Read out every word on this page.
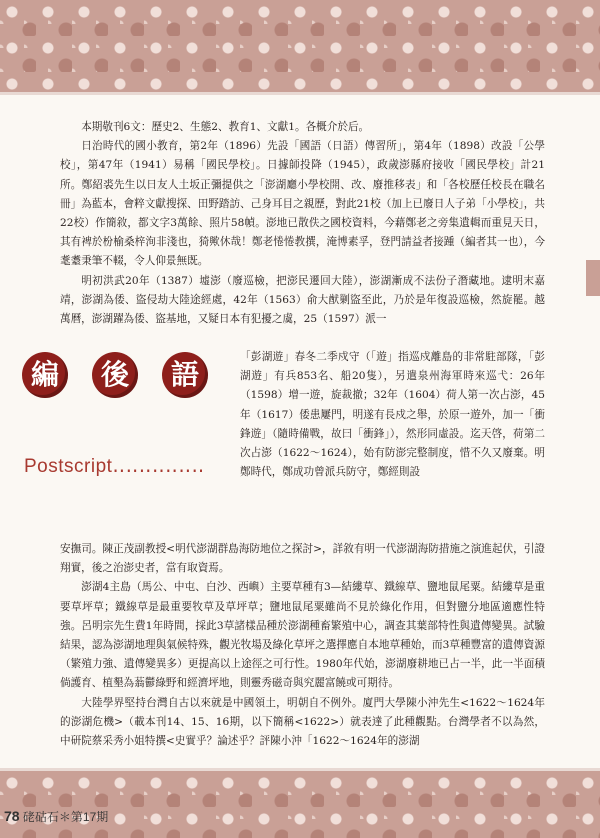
本期敬刊6文：歷史2、生態2、教育1、文獻1。各概介於后。

日治時代的國小教育，第2年（1896）先設「國語（日語）傳習所」，第4年（1898）改設「公學校」，第47年（1941）易稱「國民學校」。日據師投降（1945），政歲澎縣府接收「國民學校」計21所。鄭紹裘先生以日友人土坂正彌提供之「澎湖廳小學校開、改、廢推移表」和「各校歷任校長在職名冊」為藍本，會粹文獻搜探、田野踏訪、己身耳目之親歷，對此21校（加上已廢日人子弟「小學校」，共22校）作簡敘，都文字3萬餘、照片58幀。澎地已散佚之國校資料，今藉鄭老之旁集遺輯而重見天日，其有裨於枌榆桑梓洵非淺也，猗歟休哉！鄭老惓惓教撰，淹博素孚，登門請益者接踵（編者其一也），今耄耋秉筆不輟，令人仰景無既。

明初洪武20年（1387）墟澎（廢巡檢，把澎民遷回大陸），澎湖漸成不法份子潛藏地。逮明末嘉靖，澎湖為倭、盜侵劫大陸途經處，42年（1563）俞大猷剿盜至此，乃於是年復設巡檢，然旋罷。越萬曆，澎湖躍為倭、盜基地，又疑日本有犯擾之虞，25（1597）派一

編	後	語
Postscript‥‥‥‥‥‥‥

「彭湖遊」春冬二季戍守（「遊」指巡戍離島的非常駐部隊，「彭湖遊」有兵853名、船20隻），另遣泉州海軍時來巡弋：26年（1598）增一遊，旋裁撤；32年（1604）荷人第一次占澎，45年（1617）倭患屢門，明遂有長戍之舉，於原一遊外，加一「衝鋒遊」（隨時備戰，故曰「衝鋒」），然形同虛設。迄天啓，荷第二次占澎（1622～1624），始有防澎完整制度，惜不久又廢棄。明鄭時代，鄭成功曾派兵防守，鄭經則設

安撫司。陳正茂副教授<明代澎湖群島海防地位之探討>，詳敘有明一代澎湖海防措施之演進起伏，引證翔實，後之治澎史者，當有取資焉。

澎湖4主島（馬公、中屯、白沙、西嶼）主要草種有3—結縷草、鐵線草、鹽地鼠尾粟。結縷草是重要草坪草；鐵線草是最重要牧草及草坪草；鹽地鼠尾粟雖尚不見於綠化作用，但對鹽分地區適應性特強。呂明宗先生費1年時間，採此3草諸樣品種於澎湖種畜繁殖中心，調查其葉部特性與遺傳變異。試驗結果，認為澎湖地理與氣候特殊，觀光牧場及綠化草坪之選擇應自本地草種始，而3草種豐富的遺傳資源（繁殖力強、遺傳變異多）更提高以上途徑之可行性。1980年代始，澎湖廢耕地已占一半，此一半面積倘護育、植墾為蓊鬱綠野和經濟坪地，則靈秀磁奇與究麗富饒或可期待。

大陸學界堅持台灣自古以來就是中國領土，明朝自不例外。廈門大學陳小沖先生<1622～1624年的澎湖危機>（載本刊14、15、16期，以下簡稱<1622>）就表達了此種觀點。台灣學者不以為然，中研院蔡采秀小姐特撰<史實乎？論述乎？評陳小沖「1622～1624年的澎湖

78 硓𥑮石＊第17期
